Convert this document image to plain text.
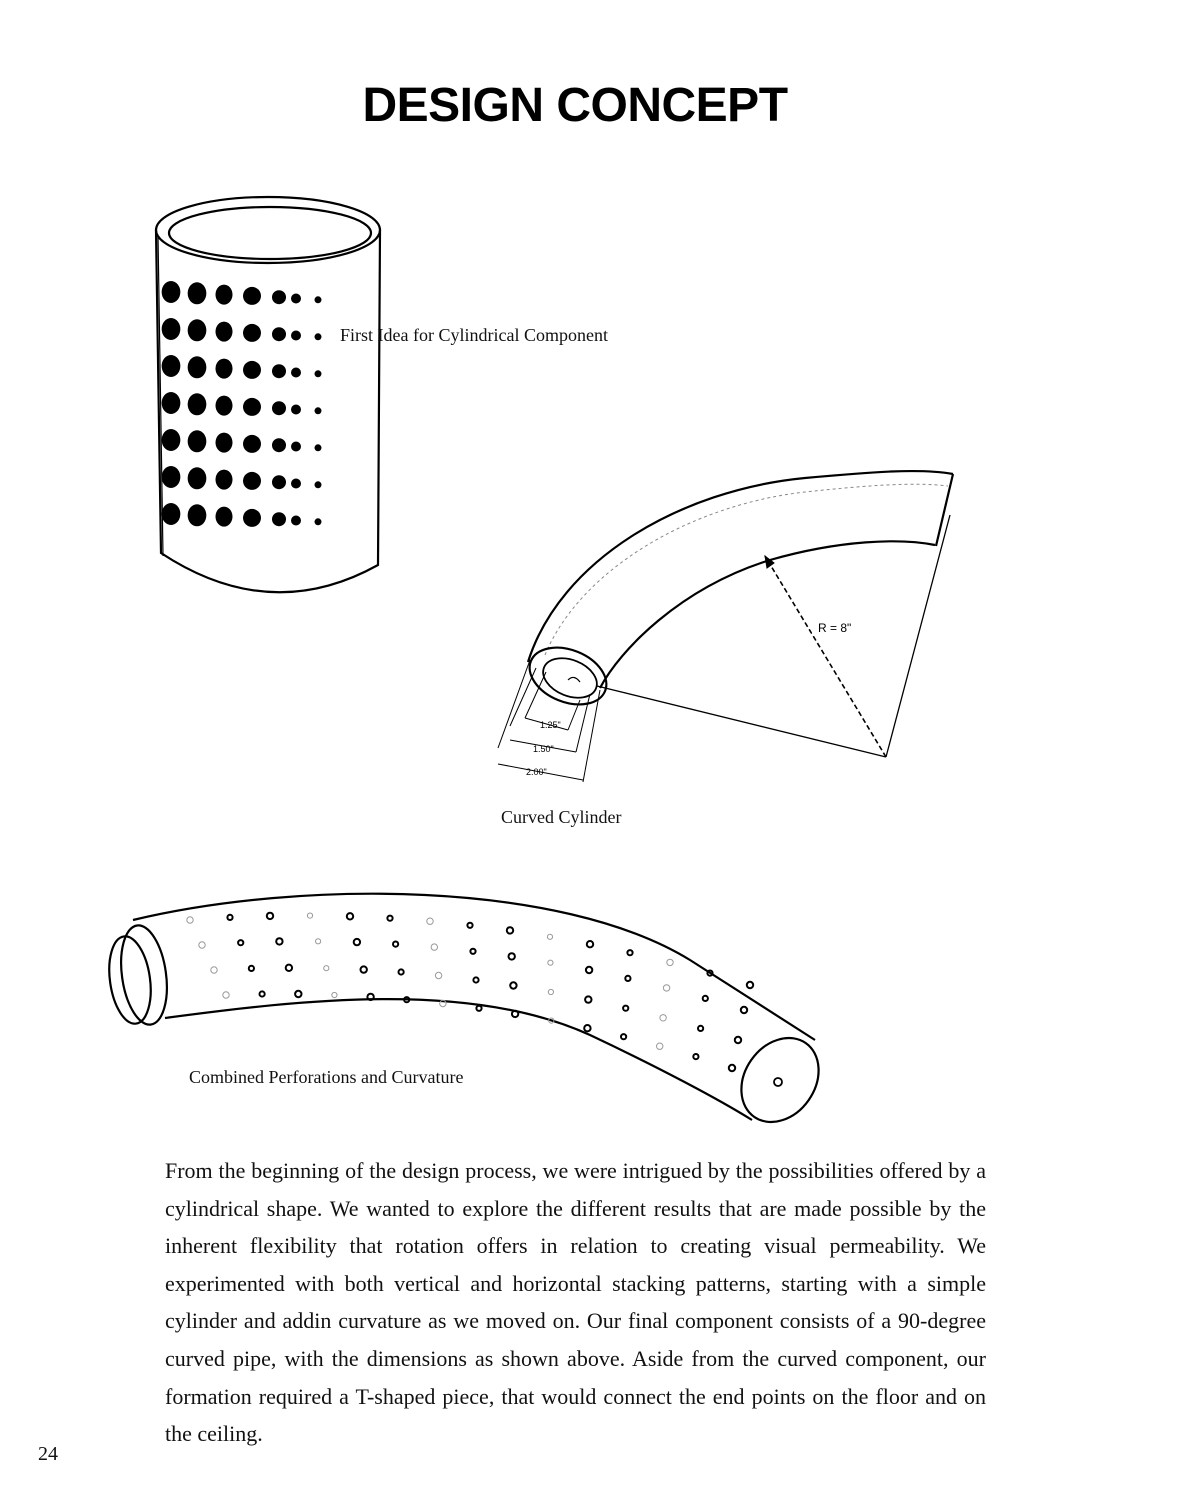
DESIGN CONCEPT
R = 8"
1.25"
1.50"
2.00"
First Idea for Cylindrical Component
Curved Cylinder
Combined Perforations and Curvature

From the beginning of the design process, we were intrigued by the possibilities offered by a cylindrical shape. We wanted to explore the different results that are made possible by the inherent flexibility that rotation offers in relation to creating visual permeability. We experimented with both vertical and horizontal stacking patterns, starting with a simple cylinder and addin curvature as we moved on. Our final component consists of a 90-degree curved pipe, with the dimensions as shown above. Aside from the curved component, our formation required a T-shaped piece, that would connect the end points on the floor and on the ceiling.

24
